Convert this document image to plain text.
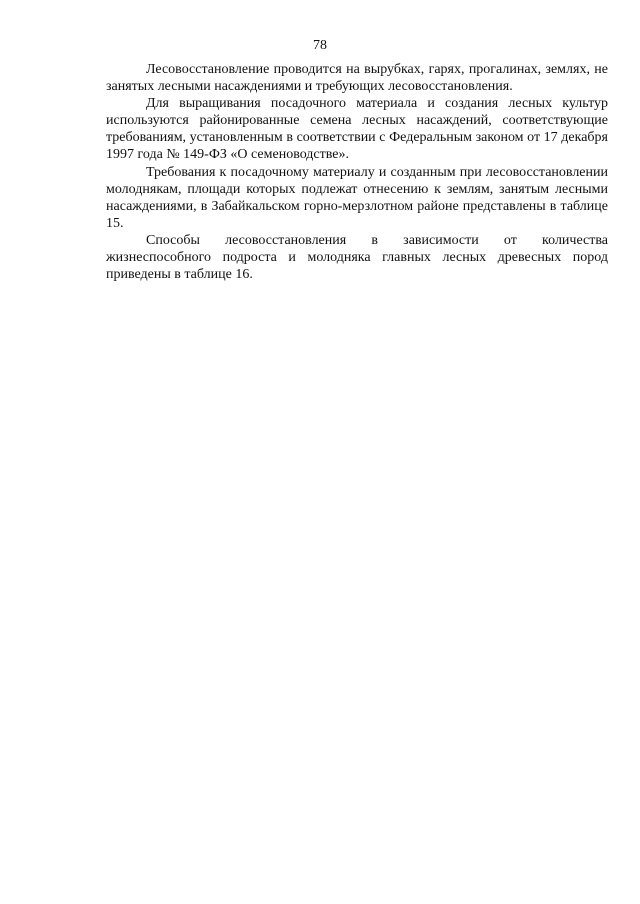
78

Лесовосстановление проводится на вырубках, гарях, прогалинах, землях, не занятых лесными насаждениями и требующих лесовосстановления.

Для выращивания посадочного материала и создания лесных культур используются районированные семена лесных насаждений, соответствующие требованиям, установленным в соответствии с Федеральным законом от 17 декабря 1997 года № 149-ФЗ «О семеноводстве».

Требования к посадочному материалу и созданным при лесовосстановлении молоднякам, площади которых подлежат отнесению к землям, занятым лесными насаждениями, в Забайкальском горно-мерзлотном районе представлены в таблице 15.

Способы лесовосстановления в зависимости от количества жизнеспособного подроста и молодняка главных лесных древесных пород приведены в таблице 16.
